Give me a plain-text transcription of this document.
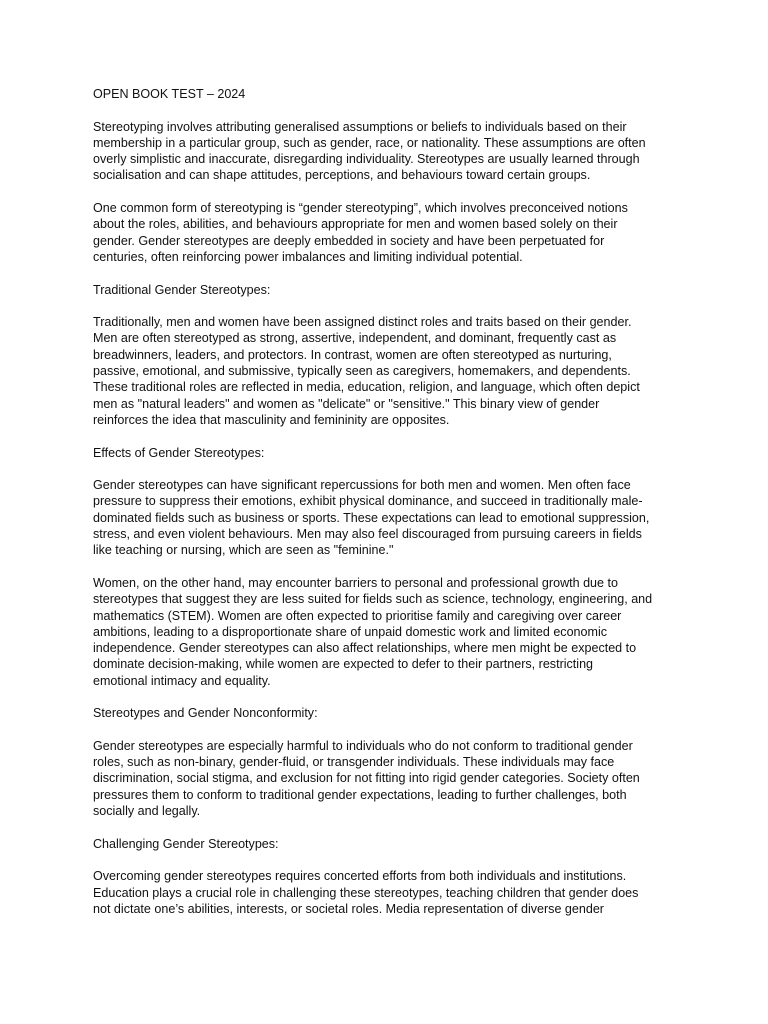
OPEN BOOK TEST – 2024

Stereotyping involves attributing generalised assumptions or beliefs to individuals based on their
membership in a particular group, such as gender, race, or nationality. These assumptions are often
overly simplistic and inaccurate, disregarding individuality. Stereotypes are usually learned through
socialisation and can shape attitudes, perceptions, and behaviours toward certain groups.

One common form of stereotyping is “gender stereotyping”, which involves preconceived notions
about the roles, abilities, and behaviours appropriate for men and women based solely on their
gender. Gender stereotypes are deeply embedded in society and have been perpetuated for
centuries, often reinforcing power imbalances and limiting individual potential.

Traditional Gender Stereotypes:

Traditionally, men and women have been assigned distinct roles and traits based on their gender.
Men are often stereotyped as strong, assertive, independent, and dominant, frequently cast as
breadwinners, leaders, and protectors. In contrast, women are often stereotyped as nurturing,
passive, emotional, and submissive, typically seen as caregivers, homemakers, and dependents.
These traditional roles are reflected in media, education, religion, and language, which often depict
men as "natural leaders" and women as "delicate" or "sensitive." This binary view of gender
reinforces the idea that masculinity and femininity are opposites.

Effects of Gender Stereotypes:

Gender stereotypes can have significant repercussions for both men and women. Men often face
pressure to suppress their emotions, exhibit physical dominance, and succeed in traditionally male-
dominated fields such as business or sports. These expectations can lead to emotional suppression,
stress, and even violent behaviours. Men may also feel discouraged from pursuing careers in fields
like teaching or nursing, which are seen as "feminine."

Women, on the other hand, may encounter barriers to personal and professional growth due to
stereotypes that suggest they are less suited for fields such as science, technology, engineering, and
mathematics (STEM). Women are often expected to prioritise family and caregiving over career
ambitions, leading to a disproportionate share of unpaid domestic work and limited economic
independence. Gender stereotypes can also affect relationships, where men might be expected to
dominate decision-making, while women are expected to defer to their partners, restricting
emotional intimacy and equality.

Stereotypes and Gender Nonconformity:

Gender stereotypes are especially harmful to individuals who do not conform to traditional gender
roles, such as non-binary, gender-fluid, or transgender individuals. These individuals may face
discrimination, social stigma, and exclusion for not fitting into rigid gender categories. Society often
pressures them to conform to traditional gender expectations, leading to further challenges, both
socially and legally.

Challenging Gender Stereotypes:

Overcoming gender stereotypes requires concerted efforts from both individuals and institutions.
Education plays a crucial role in challenging these stereotypes, teaching children that gender does
not dictate one’s abilities, interests, or societal roles. Media representation of diverse gender
